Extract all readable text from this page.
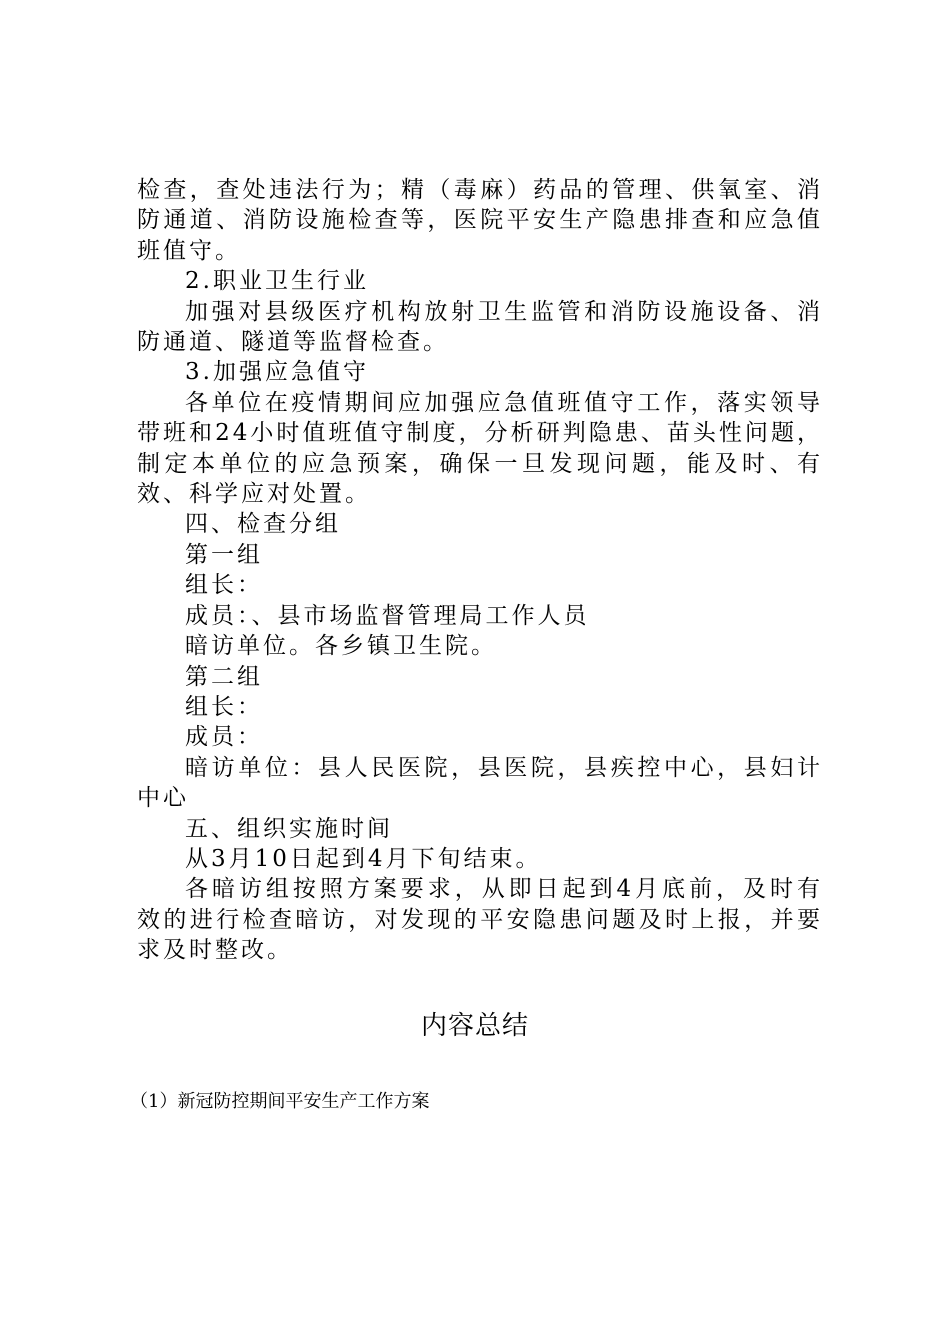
检查，查处违法行为；精（毒麻）药品的管理、供氧室、消防通道、消防设施检查等，医院平安生产隐患排查和应急值班值守。

2.职业卫生行业

加强对县级医疗机构放射卫生监管和消防设施设备、消防通道、隧道等监督检查。

3.加强应急值守

各单位在疫情期间应加强应急值班值守工作，落实领导带班和24小时值班值守制度，分析研判隐患、苗头性问题，制定本单位的应急预案，确保一旦发现问题，能及时、有效、科学应对处置。

四、检查分组

第一组

组长：

成员：、县市场监督管理局工作人员

暗访单位。各乡镇卫生院。

第二组

组长：

成员：

暗访单位：县人民医院，县医院，县疾控中心，县妇计中心

五、组织实施时间

从3月10日起到4月下旬结束。

各暗访组按照方案要求，从即日起到4月底前，及时有效的进行检查暗访，对发现的平安隐患问题及时上报，并要求及时整改。

内容总结
（1）新冠防控期间平安生产工作方案
